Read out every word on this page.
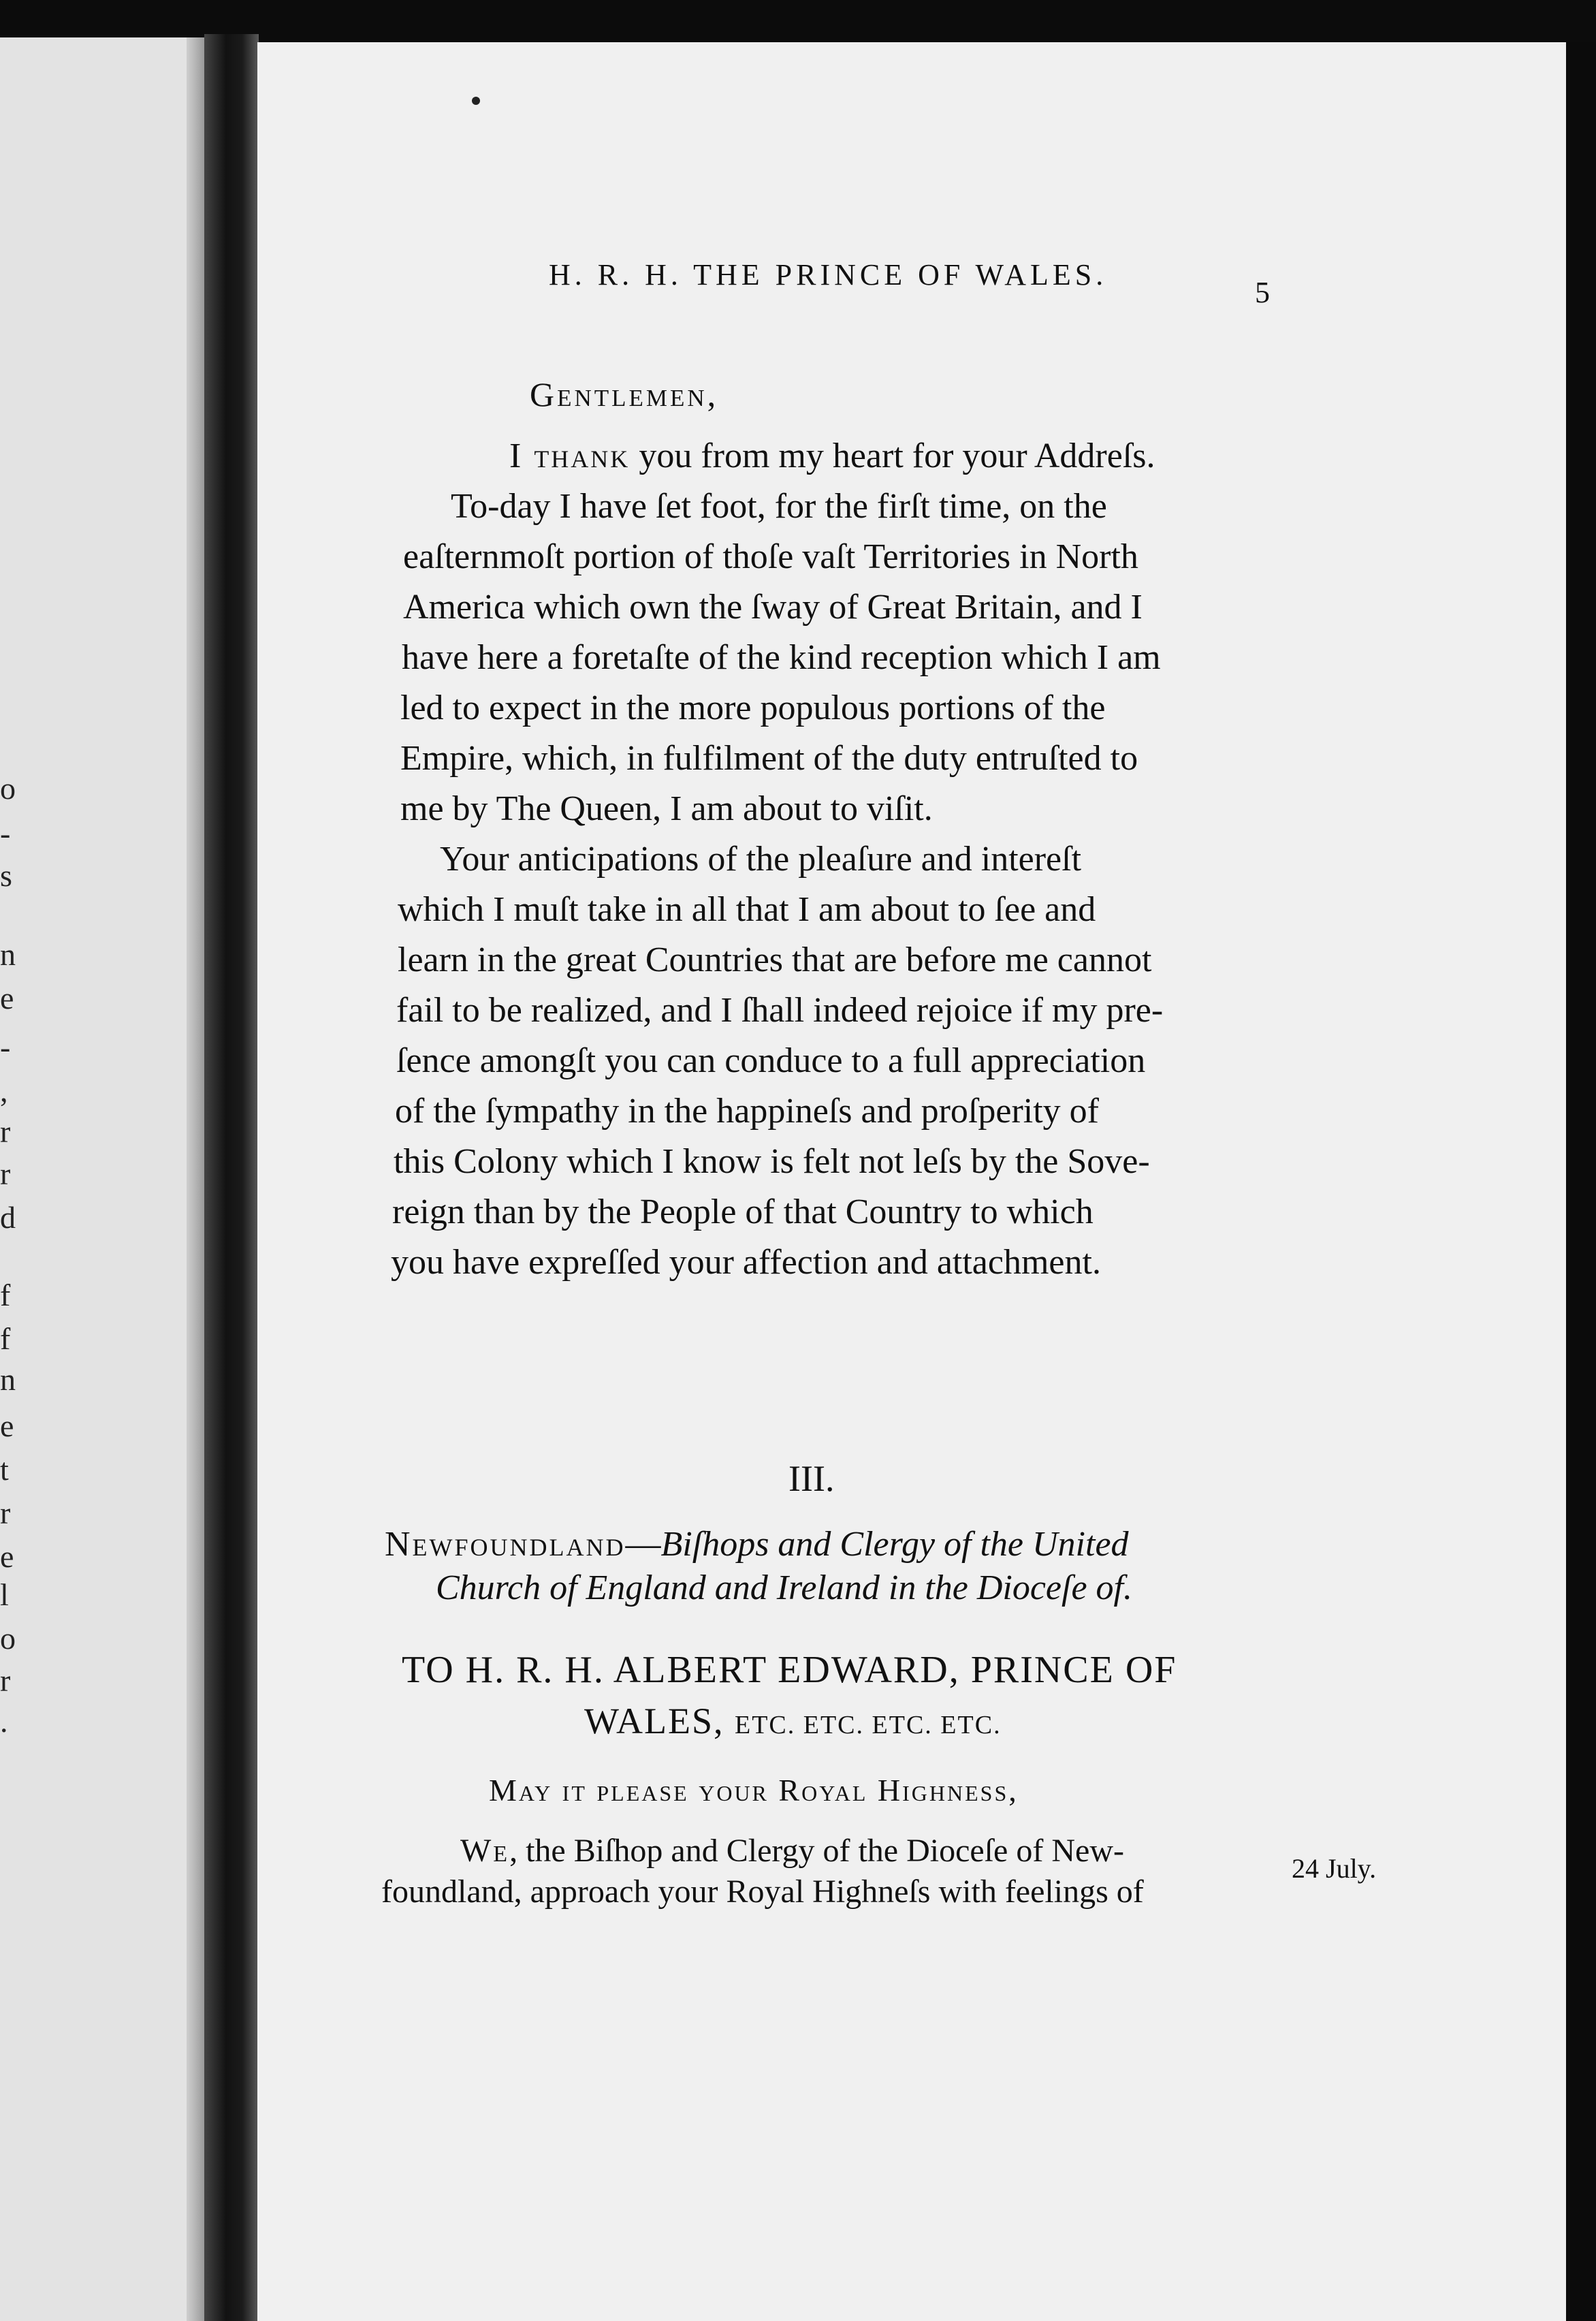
o
-
s
n
e
-
,
r
r
d
f
f
n
e
t
r
e
l
o
r
.
H. R. H. THE PRINCE OF WALES.
5
Gentlemen,
I thank you from my heart for your Addreſs.
To-day I have ſet foot, for the firſt time, on the
eaſternmoſt portion of thoſe vaſt Territories in North
America which own the ſway of Great Britain, and I
have here a foretaſte of the kind reception which I am
led to expect in the more populous portions of the
Empire, which, in fulfilment of the duty entruſted to
me by The Queen, I am about to viſit.
Your anticipations of the pleaſure and intereſt
which I muſt take in all that I am about to ſee and
learn in the great Countries that are before me cannot
fail to be realized, and I ſhall indeed rejoice if my pre-
ſence amongſt you can conduce to a full appreciation
of the ſympathy in the happineſs and proſperity of
this Colony which I know is felt not leſs by the Sove-
reign than by the People of that Country to which
you have expreſſed your affection and attachment.
III.
Newfoundland—Biſhops and Clergy of the United
Church of England and Ireland in the Dioceſe of.
TO H. R. H. ALBERT EDWARD, PRINCE OF
WALES, ETC. ETC. ETC. ETC.
May it please your Royal Highness,
We, the Biſhop and Clergy of the Dioceſe of New-
foundland, approach your Royal Highneſs with feelings of
24 July.
